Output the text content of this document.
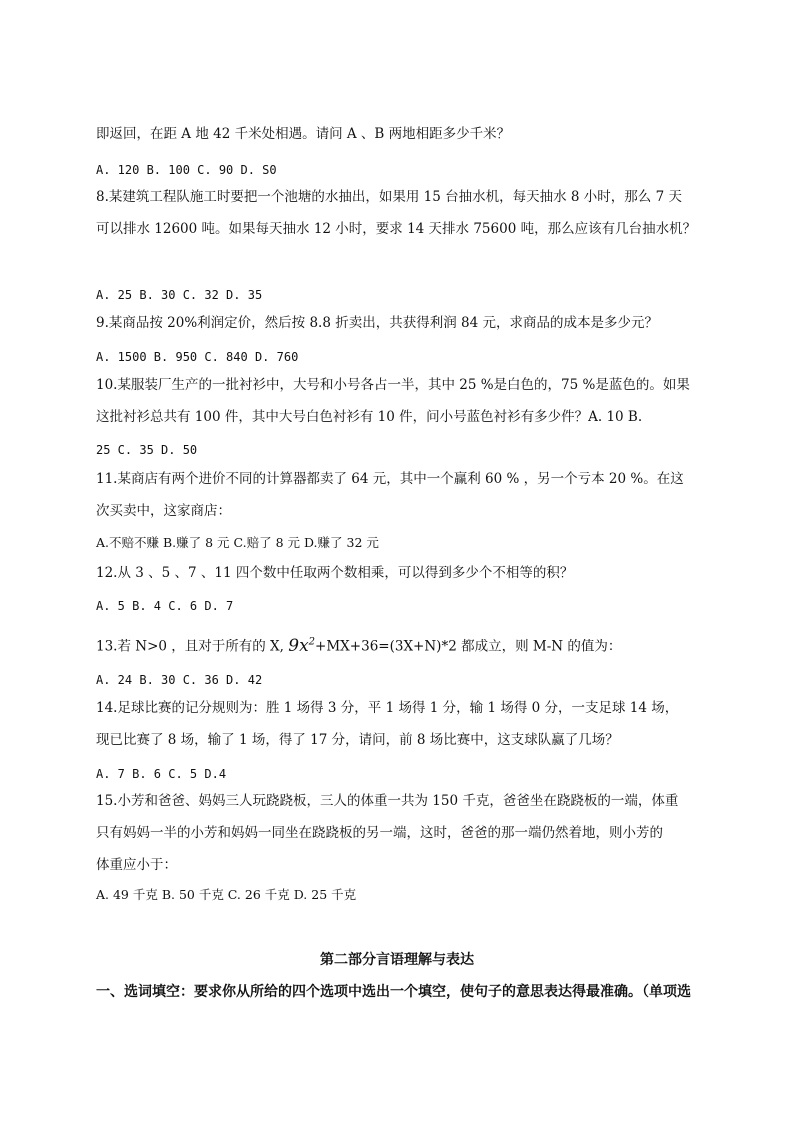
即返回，在距 A 地 42 千米处相遇。请问 A 、B 两地相距多少千米？
A. 120 B. 100 C. 90 D. S0
8.某建筑工程队施工时要把一个池塘的水抽出，如果用 15 台抽水机，每天抽水 8 小时，那么 7 天
可以排水 12600 吨。如果每天抽水 12 小时，要求 14 天排水 75600 吨，那么应该有几台抽水机？
A. 25 B. 30 C. 32 D. 35
9.某商品按 20%利润定价，然后按 8.8 折卖出，共获得利润 84 元，求商品的成本是多少元？
A. 1500 B. 950 C. 840 D. 760
10.某服装厂生产的一批衬衫中，大号和小号各占一半，其中 25 %是白色的，75 %是蓝色的。如果
这批衬衫总共有 100 件，其中大号白色衬衫有 10 件，问小号蓝色衬衫有多少件？A. 10 B.
25 C. 35 D. 50
11.某商店有两个进价不同的计算器都卖了 64 元，其中一个赢利 60 % ，另一个亏本 20 %。在这
次买卖中，这家商店：
A.不赔不赚 B.赚了 8 元 C.赔了 8 元 D.赚了 32 元
12.从 3 、5 、7 、11 四个数中任取两个数相乘，可以得到多少个不相等的积？
A. 5 B. 4 C. 6 D. 7
13.若 N>0 ，且对于所有的 X, $9x^2+MX+36=(3X+N)*2$ 都成立，则 M-N 的值为：
A. 24 B. 30 C. 36 D. 42
14.足球比赛的记分规则为：胜 1 场得 3 分，平 1 场得 1 分，输 1 场得 0 分，一支足球 14 场，
现已比赛了 8 场，输了 1 场，得了 17 分，请问，前 8 场比赛中，这支球队赢了几场？
A. 7 B. 6 C. 5 D.4
15.小芳和爸爸、妈妈三人玩跷跷板，三人的体重一共为 150 千克，爸爸坐在跷跷板的一端，体重
只有妈妈一半的小芳和妈妈一同坐在跷跷板的另一端，这时，爸爸的那一端仍然着地，则小芳的
体重应小于：
A. 49 千克 B. 50 千克 C. 26 千克 D. 25 千克
第二部分言语理解与表达
一、选词填空：要求你从所给的四个选项中选出一个填空，使句子的意思表达得最准确。（单项选
